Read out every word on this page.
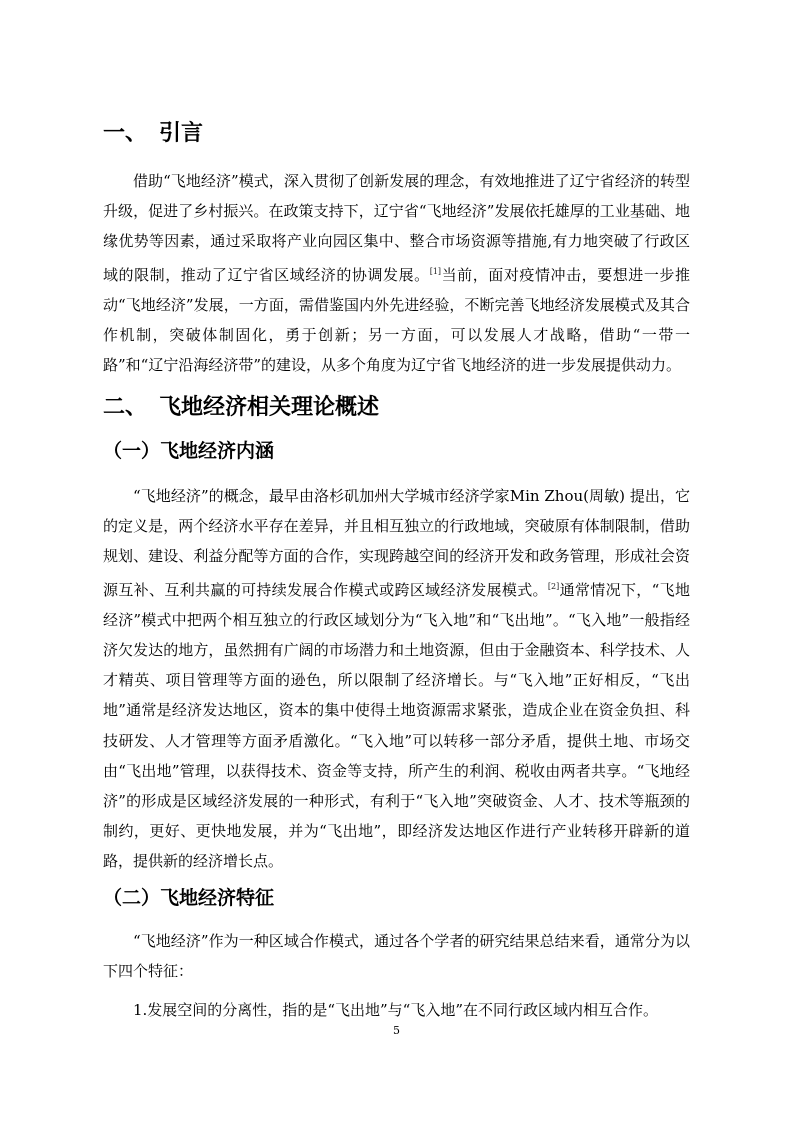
一、 引言
借助“飞地经济”模式，深入贯彻了创新发展的理念，有效地推进了辽宁省经济的转型升级，促进了乡村振兴。在政策支持下，辽宁省“飞地经济”发展依托雄厚的工业基础、地缘优势等因素，通过采取将产业向园区集中、整合市场资源等措施,有力地突破了行政区域的限制，推动了辽宁省区域经济的协调发展。[1]当前，面对疫情冲击，要想进一步推动“飞地经济”发展，一方面，需借鉴国内外先进经验，不断完善飞地经济发展模式及其合作机制，突破体制固化，勇于创新；另一方面，可以发展人才战略，借助“一带一路”和“辽宁沿海经济带”的建设，从多个角度为辽宁省飞地经济的进一步发展提供动力。
二、 飞地经济相关理论概述
（一）飞地经济内涵
“飞地经济”的概念，最早由洛杉矶加州大学城市经济学家Min Zhou(周敏) 提出，它的定义是，两个经济水平存在差异，并且相互独立的行政地域，突破原有体制限制，借助规划、建设、利益分配等方面的合作，实现跨越空间的经济开发和政务管理，形成社会资源互补、互利共赢的可持续发展合作模式或跨区域经济发展模式。[2]通常情况下，“飞地经济”模式中把两个相互独立的行政区域划分为“飞入地”和“飞出地”。“飞入地”一般指经济欠发达的地方，虽然拥有广阔的市场潜力和土地资源，但由于金融资本、科学技术、人才精英、项目管理等方面的逊色，所以限制了经济增长。与“飞入地”正好相反，“飞出地”通常是经济发达地区，资本的集中使得土地资源需求紧张，造成企业在资金负担、科技研发、人才管理等方面矛盾激化。“飞入地”可以转移一部分矛盾，提供土地、市场交由“飞出地”管理，以获得技术、资金等支持，所产生的利润、税收由两者共享。“飞地经济”的形成是区域经济发展的一种形式，有利于“飞入地”突破资金、人才、技术等瓶颈的制约，更好、更快地发展，并为“飞出地”，即经济发达地区作进行产业转移开辟新的道路，提供新的经济增长点。
（二）飞地经济特征
“飞地经济”作为一种区域合作模式，通过各个学者的研究结果总结来看，通常分为以下四个特征：
1.发展空间的分离性，指的是“飞出地”与“飞入地”在不同行政区域内相互合作。
5
